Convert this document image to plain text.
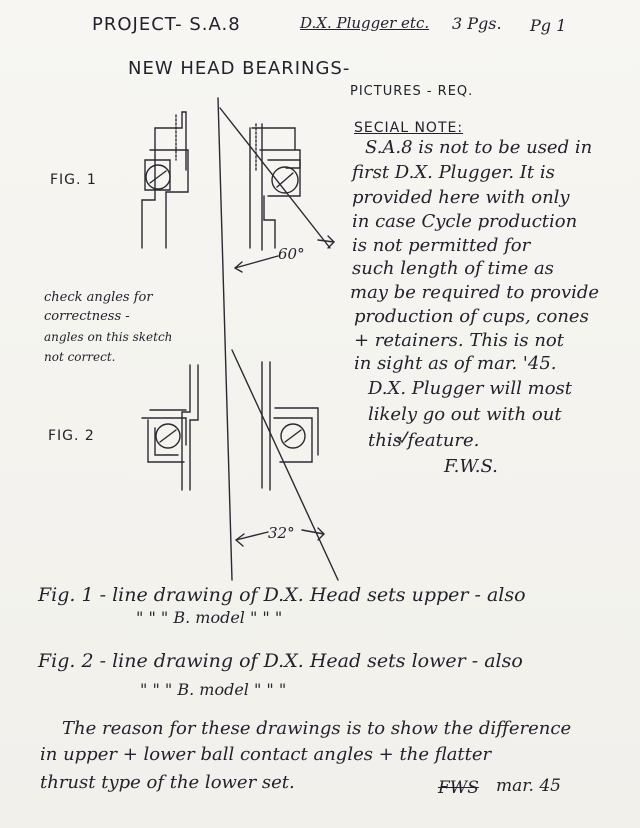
PROJECT- S.A.8	D.X. Plugger etc. 3 Pgs. Pg 1
NEW HEAD BEARINGS-
PICTURES - REQ.
SECIAL NOTE:
S.A.8 is not to be used in
first D.X. Plugger. It is
provided here with only
in case Cycle production
is not permitted for
such length of time as
may be required to provide
production of cups, cones
+ retainers. This is not
in sight as of mar. '45.
D.X. Plugger will most
likely go out with out
this feature.
F.W.S.
check angles for
correctness -
angles on this sketch
not correct.
FIG. 1
FIG. 2
60°
32°
Fig. 1 - line drawing of D.X. Head sets upper - also
" " " B. model " " "
Fig. 2 - line drawing of D.X. Head sets lower - also
" " " B. model " " "
The reason for these drawings is to show the difference
in upper + lower ball contact angles + the flatter
thrust type of the lower set.	FWS mar. 45
